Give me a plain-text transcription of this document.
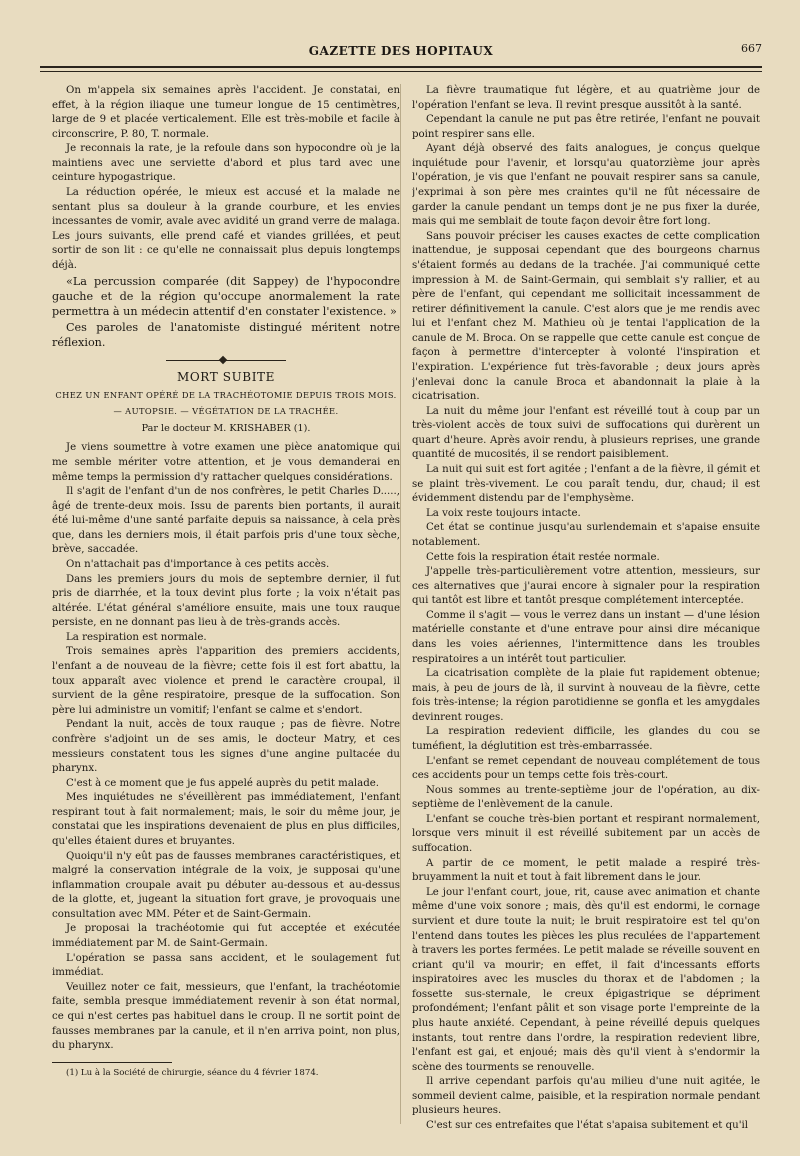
GAZETTE DES HOPITAUX	667

On m'appela six semaines après l'accident. Je constatai, en effet, à la région iliaque une tumeur longue de 15 centimètres, large de 9 et placée verticalement. Elle est très-mobile et facile à circonscrire, P. 80, T. normale.

Je reconnais la rate, je la refoule dans son hypocondre où je la maintiens avec une serviette d'abord et plus tard avec une ceinture hypogastrique.

La réduction opérée, le mieux est accusé et la malade ne sentant plus sa douleur à la grande courbure, et les envies incessantes de vomir, avale avec avidité un grand verre de malaga. Les jours suivants, elle prend café et viandes grillées, et peut sortir de son lit : ce qu'elle ne connaissait plus depuis longtemps déjà.

«La percussion comparée (dit Sappey) de l'hypocondre gauche et de la région qu'occupe anormalement la rate permettra à un médecin attentif d'en constater l'existence. »

Ces paroles de l'anatomiste distingué méritent notre réflexion.

MORT SUBITE
CHEZ UN ENFANT OPÉRÉ DE LA TRACHÉOTOMIE DEPUIS TROIS MOIS.
— AUTOPSIE. — VÉGÉTATION DE LA TRACHÉE.
Par le docteur M. KRISHABER (1).

Je viens soumettre à votre examen une pièce anatomique qui me semble mériter votre attention, et je vous demanderai en même temps la permission d'y rattacher quelques considérations.

Il s'agit de l'enfant d'un de nos confrères, le petit Charles D....., âgé de trente-deux mois. Issu de parents bien portants, il aurait été lui-même d'une santé parfaite depuis sa naissance, à cela près que, dans les derniers mois, il était parfois pris d'une toux sèche, brève, saccadée.

On n'attachait pas d'importance à ces petits accès.

Dans les premiers jours du mois de septembre dernier, il fut pris de diarrhée, et la toux devint plus forte ; la voix n'était pas altérée. L'état général s'améliore ensuite, mais une toux rauque persiste, en ne donnant pas lieu à de très-grands accès.

La respiration est normale.

Trois semaines après l'apparition des premiers accidents, l'enfant a de nouveau de la fièvre; cette fois il est fort abattu, la toux apparaît avec violence et prend le caractère croupal, il survient de la gêne respiratoire, presque de la suffocation. Son père lui administre un vomitif; l'enfant se calme et s'endort.

Pendant la nuit, accès de toux rauque ; pas de fièvre. Notre confrère s'adjoint un de ses amis, le docteur Matry, et ces messieurs constatent tous les signes d'une angine pultacée du pharynx.

C'est à ce moment que je fus appelé auprès du petit malade.

Mes inquiétudes ne s'éveillèrent pas immédiatement, l'enfant respirant tout à fait normalement; mais, le soir du même jour, je constatai que les inspirations devenaient de plus en plus difficiles, qu'elles étaient dures et bruyantes.

Quoiqu'il n'y eût pas de fausses membranes caractéristiques, et malgré la conservation intégrale de la voix, je supposai qu'une inflammation croupale avait pu débuter au-dessous et au-dessus de la glotte, et, jugeant la situation fort grave, je provoquais une consultation avec MM. Péter et de Saint-Germain.

Je proposai la trachéotomie qui fut acceptée et exécutée immédiatement par M. de Saint-Germain.

L'opération se passa sans accident, et le soulagement fut immédiat.

Veuillez noter ce fait, messieurs, que l'enfant, la trachéotomie faite, sembla presque immédiatement revenir à son état normal, ce qui n'est certes pas habituel dans le croup. Il ne sortit point de fausses membranes par la canule, et il n'en arriva point, non plus, du pharynx.

(1) Lu à la Société de chirurgie, séance du 4 février 1874.

La fièvre traumatique fut légère, et au quatrième jour de l'opération l'enfant se leva. Il revint presque aussitôt à la santé.

Cependant la canule ne put pas être retirée, l'enfant ne pouvait point respirer sans elle.

Ayant déjà observé des faits analogues, je conçus quelque inquiétude pour l'avenir, et lorsqu'au quatorzième jour après l'opération, je vis que l'enfant ne pouvait respirer sans sa canule, j'exprimai à son père mes craintes qu'il ne fût nécessaire de garder la canule pendant un temps dont je ne pus fixer la durée, mais qui me semblait de toute façon devoir être fort long.

Sans pouvoir préciser les causes exactes de cette complication inattendue, je supposai cependant que des bourgeons charnus s'étaient formés au dedans de la trachée. J'ai communiqué cette impression à M. de Saint-Germain, qui semblait s'y rallier, et au père de l'enfant, qui cependant me sollicitait incessamment de retirer définitivement la canule. C'est alors que je me rendis avec lui et l'enfant chez M. Mathieu où je tentai l'application de la canule de M. Broca. On se rappelle que cette canule est conçue de façon à permettre d'intercepter à volonté l'inspiration et l'expiration. L'expérience fut très-favorable ; deux jours après j'enlevai donc la canule Broca et abandonnait la plaie à la cicatrisation.

La nuit du même jour l'enfant est réveillé tout à coup par un très-violent accès de toux suivi de suffocations qui durèrent un quart d'heure. Après avoir rendu, à plusieurs reprises, une grande quantité de mucosités, il se rendort paisiblement.

La nuit qui suit est fort agitée ; l'enfant a de la fièvre, il gémit et se plaint très-vivement. Le cou paraît tendu, dur, chaud; il est évidemment distendu par de l'emphysème.

La voix reste toujours intacte.

Cet état se continue jusqu'au surlendemain et s'apaise ensuite notablement.

Cette fois la respiration était restée normale.

J'appelle très-particulièrement votre attention, messieurs, sur ces alternatives que j'aurai encore à signaler pour la respiration qui tantôt est libre et tantôt presque complétement interceptée.

Comme il s'agit — vous le verrez dans un instant — d'une lésion matérielle constante et d'une entrave pour ainsi dire mécanique dans les voies aériennes, l'intermittence dans les troubles respiratoires a un intérêt tout particulier.

La cicatrisation complète de la plaie fut rapidement obtenue; mais, à peu de jours de là, il survint à nouveau de la fièvre, cette fois très-intense; la région parotidienne se gonfla et les amygdales devinrent rouges.

La respiration redevient difficile, les glandes du cou se tuméfient, la déglutition est très-embarrassée.

L'enfant se remet cependant de nouveau complétement de tous ces accidents pour un temps cette fois très-court.

Nous sommes au trente-septième jour de l'opération, au dix-septième de l'enlèvement de la canule.

L'enfant se couche très-bien portant et respirant normalement, lorsque vers minuit il est réveillé subitement par un accès de suffocation.

A partir de ce moment, le petit malade a respiré très-bruyamment la nuit et tout à fait librement dans le jour.

Le jour l'enfant court, joue, rit, cause avec animation et chante même d'une voix sonore ; mais, dès qu'il est endormi, le cornage survient et dure toute la nuit; le bruit respiratoire est tel qu'on l'entend dans toutes les pièces les plus reculées de l'appartement à travers les portes fermées. Le petit malade se réveille souvent en criant qu'il va mourir; en effet, il fait d'incessants efforts inspiratoires avec les muscles du thorax et de l'abdomen ; la fossette sus-sternale, le creux épigastrique se dépriment profondément; l'enfant pâlit et son visage porte l'empreinte de la plus haute anxiété. Cependant, à peine réveillé depuis quelques instants, tout rentre dans l'ordre, la respiration redevient libre, l'enfant est gai, et enjoué; mais dès qu'il vient à s'endormir la scène des tourments se renouvelle.

Il arrive cependant parfois qu'au milieu d'une nuit agitée, le sommeil devient calme, paisible, et la respiration normale pendant plusieurs heures.

C'est sur ces entrefaites que l'état s'apaisa subitement et qu'il
